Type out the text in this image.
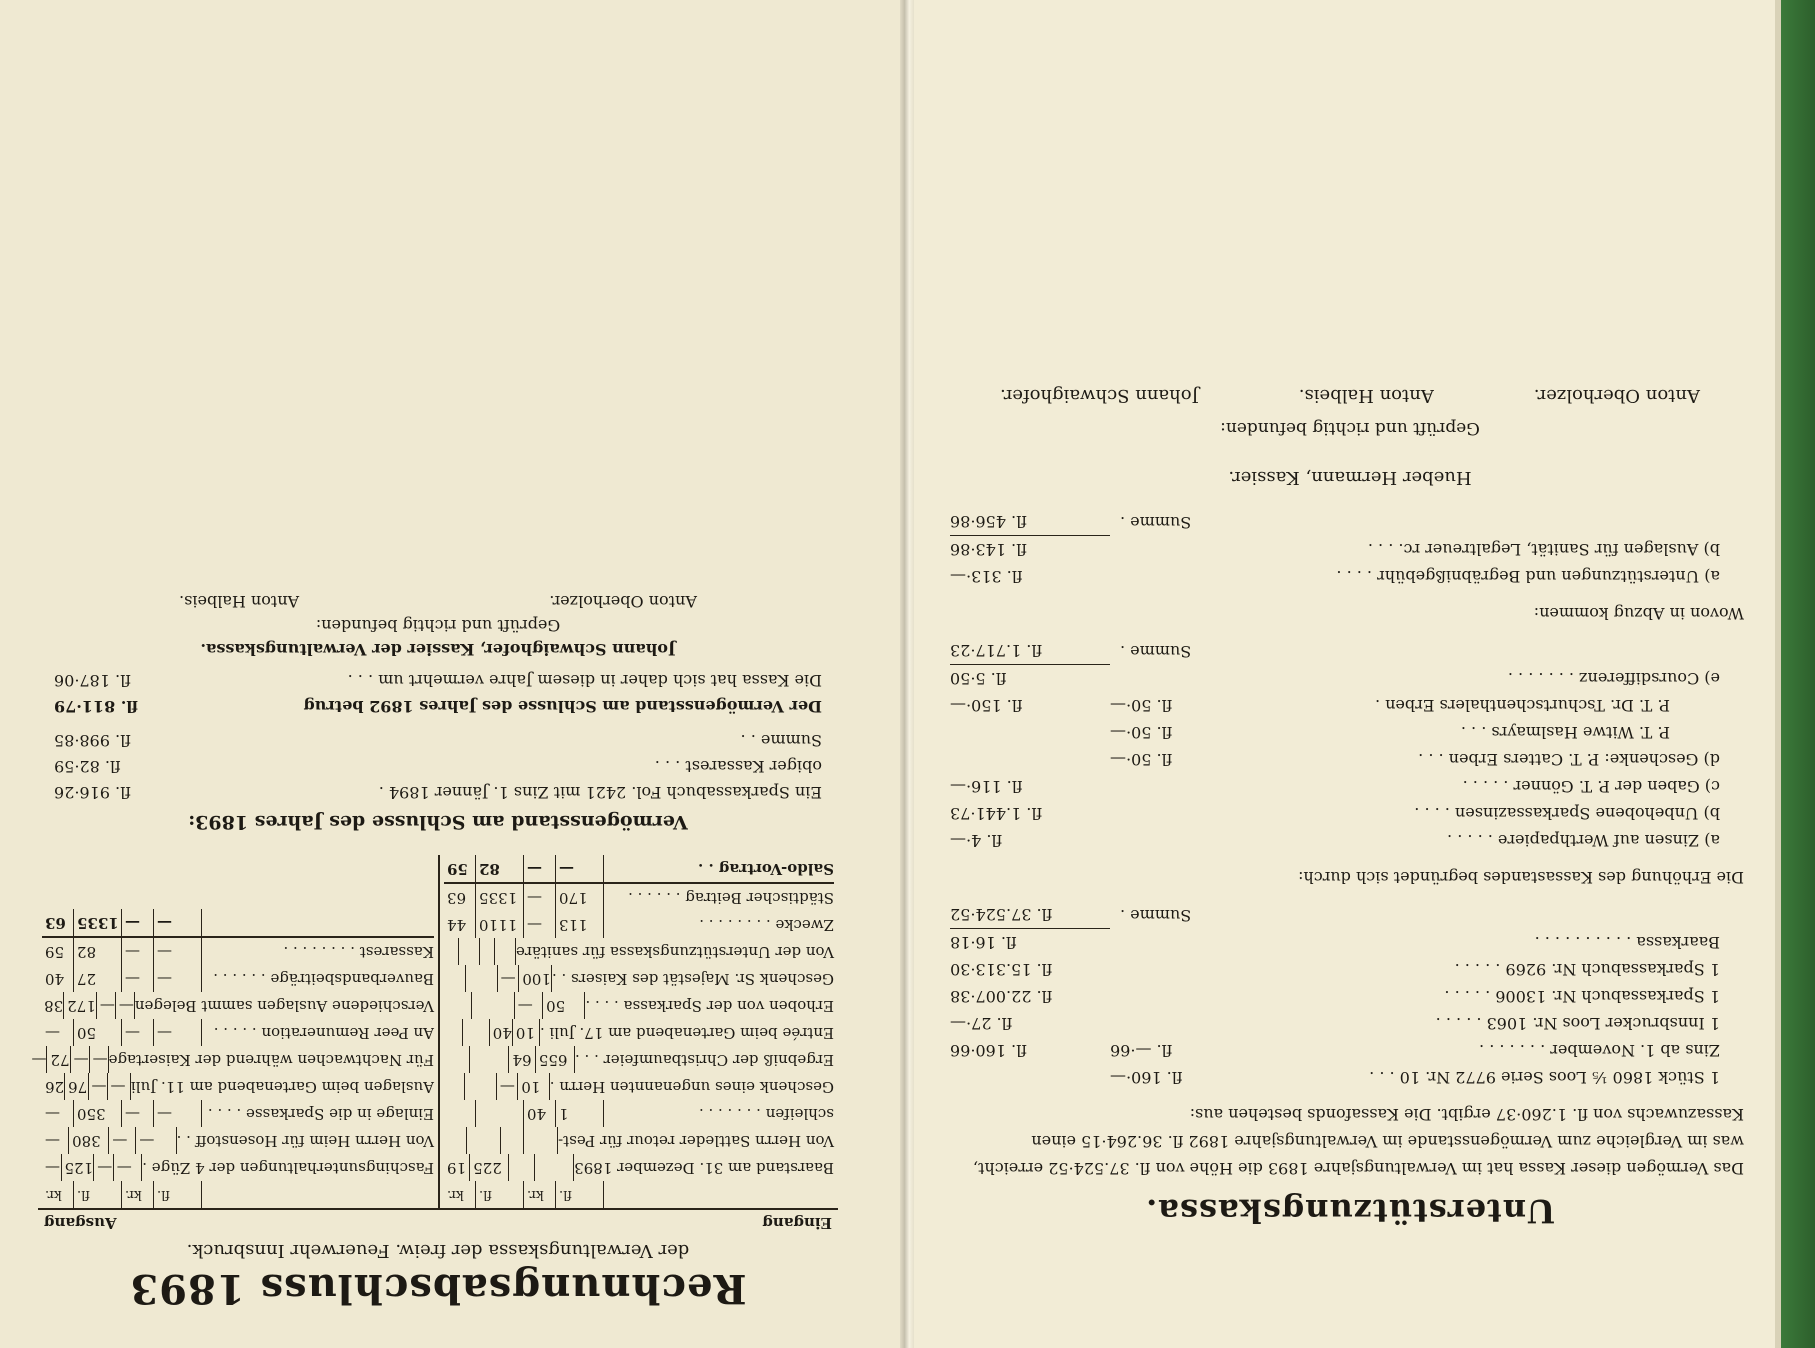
Rechnungsabschluss 1893
der Verwaltungskassa der freiw. Feuerwehr Innsbruck.
Eingang
Ausgang
fl.
kr.
fl.
kr.
Baarstand am 31. Dezember 1893
225
19
Von Herrn Sattleder retour für Pest-
schleifen . . . . . . .
1
40
Geschenk eines ungenannten Herrn .
10
—
Ergebniß der Christbaumfeier . . .
655
64
Entrée beim Gartenabend am 17. Juli .
10
40
Erhoben von der Sparkassa . . . .
50
—
Geschenk Sr. Majestät des Kaisers . .
100
—
Von der Unterstützungskassa für sanitäre
Zwecke . . . . . . . .
113
—
1110
44
Städtischer Beitrag . . . . . .
170
—
1335
63
Saldo-Vortrag . .
—
—
82
59
fl.
kr.
fl.
kr.
Faschingsunterhaltungen der 4 Züge .
—
—
125
—
Von Herrn Heim für Hosenstoff . .
—
—
380
—
Einlage in die Sparkasse . . . .
—
—
350
—
Auslagen beim Gartenabend am 11. Juli
—
—
76
26
Für Nachtwachen während der Kaisertage
—
—
72
—
An Peer Remuneration . . . . .
—
—
50
—
Verschiedene Auslagen sammt Belegen
—
—
172
38
Bauverbandsbeiträge . . . . . .
—
—
27
40
Kassarest . . . . . . . .
—
—
82
59
—
—
1335
63
Vermögensstand am Schlusse des Jahres 1893:
Ein Sparkassabuch Fol. 2421 mit Zins 1. Jänner 1894 .
fl. 916·26
obiger Kassarest . . .
fl. 82·59
Summe . .
fl. 998·85
Der Vermögensstand am Schlusse des Jahres 1892 betrug
fl. 811·79
Die Kassa hat sich daher in diesem Jahre vermehrt um . . .
fl. 187·06
Johann Schwaighofer, Kassier der Verwaltungskassa.
Geprüft und richtig befunden:
Anton Oberholzer.
Anton Halbeis.
Unterstützungskassa.
Das Vermögen dieser Kassa hat im Verwaltungsjahre 1893 die Höhe von fl. 37.524·52 erreicht, was im Vergleiche zum Vermögensstande im Verwaltungsjahre 1892 fl. 36.264·15 einen Kassazuwachs von fl. 1.260·37 ergibt. Die Kassafonds bestehen aus:
1 Stück 1860 ⅕ Loos Serie 9772 Nr. 10 . . .
fl. 160·—
Zins ab 1. November . . . . . . .
fl. —·66
fl. 160·66
1 Innsbrucker Loos Nr. 1063 . . . . .
fl. 27·—
1 Sparkassabuch Nr. 13006 . . . . .
fl. 22.007·38
1 Sparkassabuch Nr. 9269 . . . . .
fl. 15.313·30
Baarkassa . . . . . . . . . .
fl. 16·18
Summe .
fl. 37.524·52
Die Erhöhung des Kassastandes begründet sich durch:
a) Zinsen auf Werthpapiere . . . . .
fl. 4·—
b) Unbehobene Sparkassazinsen . . . .
fl. 1.441·73
c) Gaben der P. T. Gönner . . . . .
fl. 116·—
d) Geschenke: P. T. Catters Erben . . .
fl. 50·—
P. T. Witwe Haslmayrs . . .
fl. 50·—
P. T. Dr. Tschurtschenthalers Erben .
fl. 50·—
fl. 150·—
e) Coursdifferenz . . . . . . .
fl. 5·50
Summe .
fl. 1.717·23
Wovon in Abzug kommen:
a) Unterstützungen und Begräbnißgebühr . . . .
fl. 313·—
b) Auslagen für Sanität, Legaltreuer rc. . . .
fl. 143·86
Summe .
fl. 456·86
Hueber Hermann, Kassier.
Geprüft und richtig befunden:
Anton Oberholzer.
Anton Halbeis.
Johann Schwaighofer.
